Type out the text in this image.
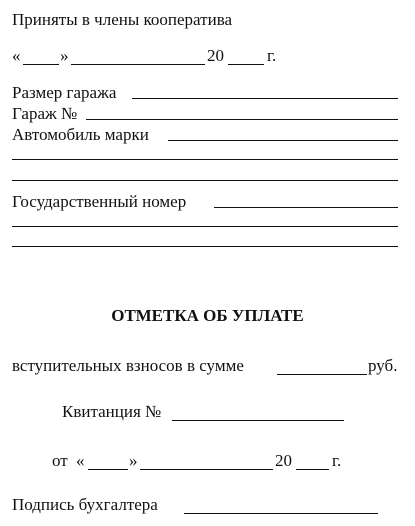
Приняты в члены кооператива
« »	20	г.
Размер гаража
Гараж №
Автомобиль марки
Государственный номер
ОТМЕТКА ОБ УПЛАТЕ
вступительных взносов в сумме	руб.
Квитанция №
от «	»	20 г.
Подпись бухгалтера
